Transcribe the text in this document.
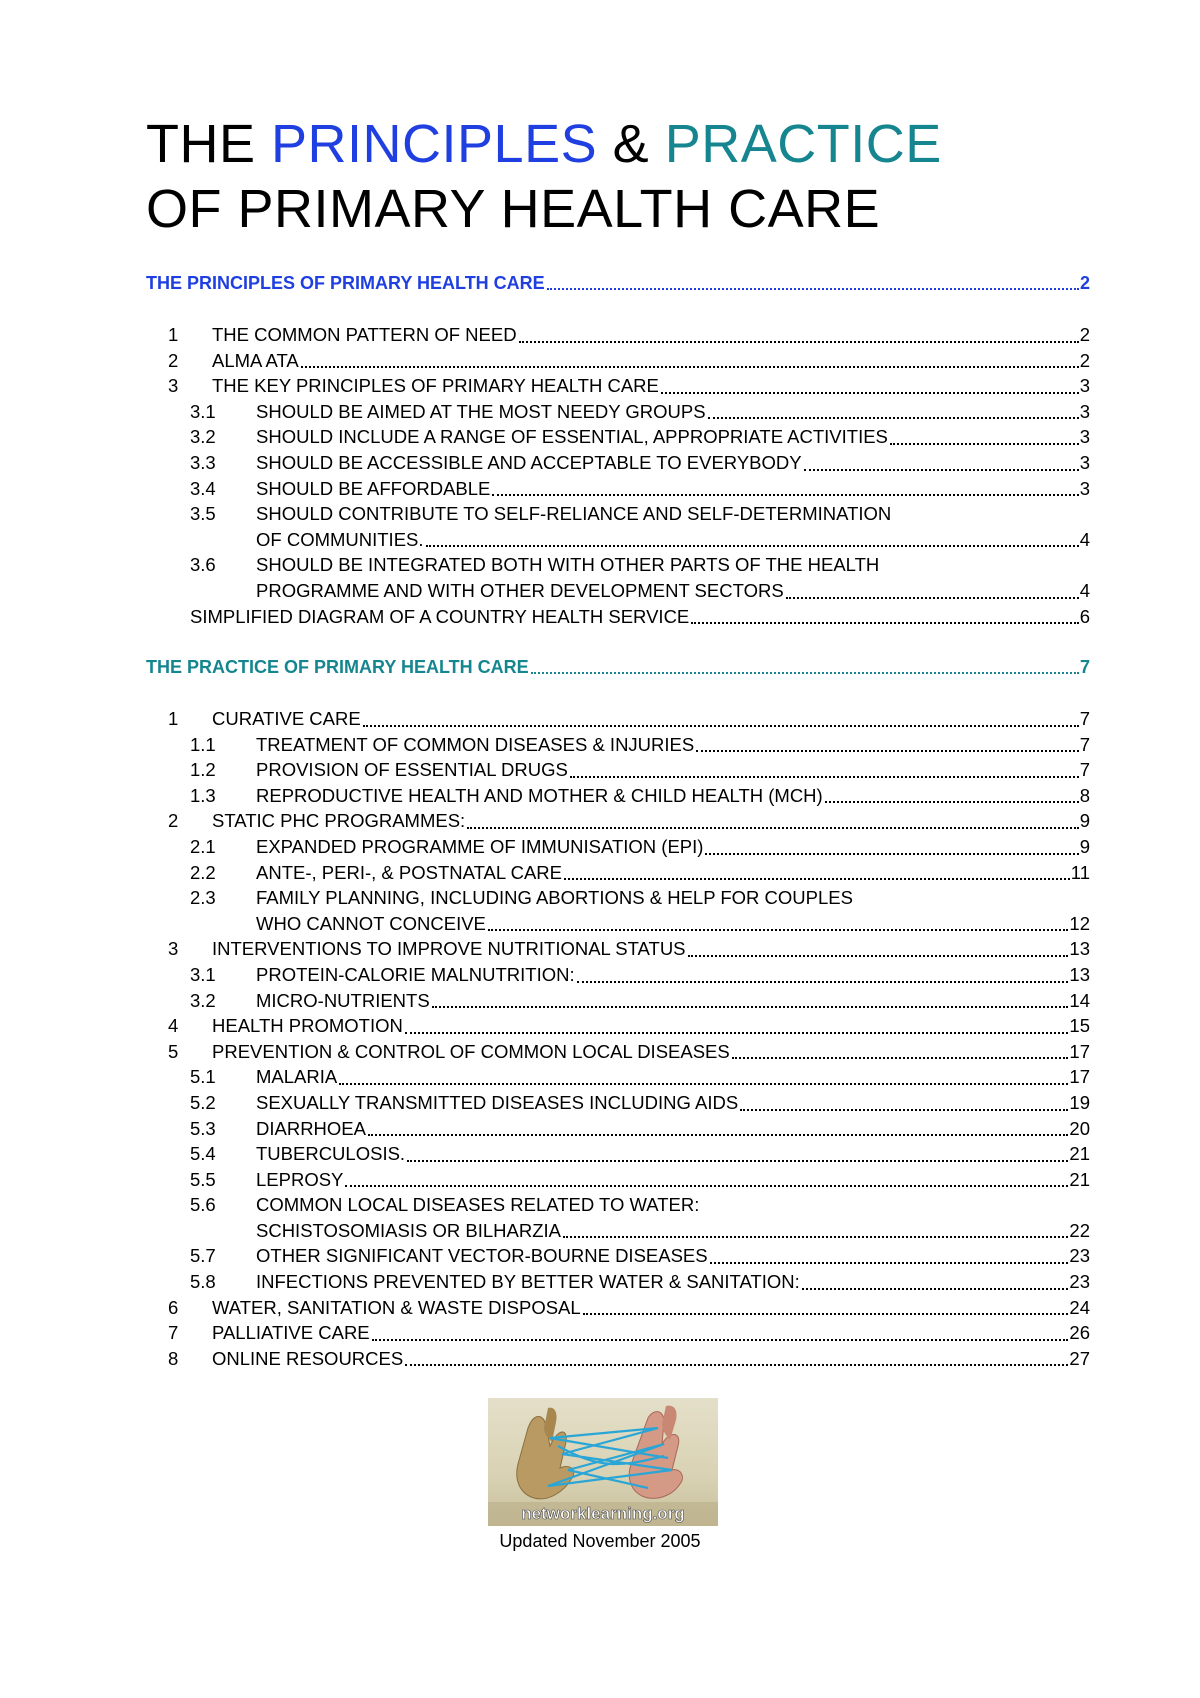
THE PRINCIPLES & PRACTICE
OF PRIMARY HEALTH CARE
THE PRINCIPLES OF PRIMARY HEALTH CARE	2
1 THE COMMON PATTERN OF NEED	2
2 ALMA ATA	2
3 THE KEY PRINCIPLES OF PRIMARY HEALTH CARE	3
3.1 SHOULD BE AIMED AT THE MOST NEEDY GROUPS	3
3.2 SHOULD INCLUDE A RANGE OF ESSENTIAL, APPROPRIATE ACTIVITIES	3
3.3 SHOULD BE ACCESSIBLE AND ACCEPTABLE TO EVERYBODY	3
3.4 SHOULD BE AFFORDABLE	3
3.5 SHOULD CONTRIBUTE TO SELF-RELIANCE AND SELF-DETERMINATION
OF COMMUNITIES.	4
3.6 SHOULD BE INTEGRATED BOTH WITH OTHER PARTS OF THE HEALTH
PROGRAMME AND WITH OTHER DEVELOPMENT SECTORS	4
SIMPLIFIED DIAGRAM OF A COUNTRY HEALTH SERVICE	6
THE PRACTICE OF PRIMARY HEALTH CARE	7
1 CURATIVE CARE	7
1.1 TREATMENT OF COMMON DISEASES & INJURIES	7
1.2 PROVISION OF ESSENTIAL DRUGS	7
1.3 REPRODUCTIVE HEALTH AND MOTHER & CHILD HEALTH (MCH)	8
2 STATIC PHC PROGRAMMES:	9
2.1 EXPANDED PROGRAMME OF IMMUNISATION (EPI)	9
2.2 ANTE-, PERI-, & POSTNATAL CARE	11
2.3 FAMILY PLANNING, INCLUDING ABORTIONS & HELP FOR COUPLES
WHO CANNOT CONCEIVE	12
3 INTERVENTIONS TO IMPROVE NUTRITIONAL STATUS	13
3.1 PROTEIN-CALORIE MALNUTRITION:	13
3.2 MICRO-NUTRIENTS	14
4 HEALTH PROMOTION	15
5 PREVENTION & CONTROL OF COMMON LOCAL DISEASES	17
5.1 MALARIA	17
5.2 SEXUALLY TRANSMITTED DISEASES INCLUDING AIDS	19
5.3 DIARRHOEA	20
5.4 TUBERCULOSIS.	21
5.5 LEPROSY	21
5.6 COMMON LOCAL DISEASES RELATED TO WATER:
SCHISTOSOMIASIS OR BILHARZIA	22
5.7 OTHER SIGNIFICANT VECTOR-BOURNE DISEASES	23
5.8 INFECTIONS PREVENTED BY BETTER WATER & SANITATION:	23
6 WATER, SANITATION & WASTE DISPOSAL	24
7 PALLIATIVE CARE	26
8 ONLINE RESOURCES	27
networklearning.org
Updated November 2005
